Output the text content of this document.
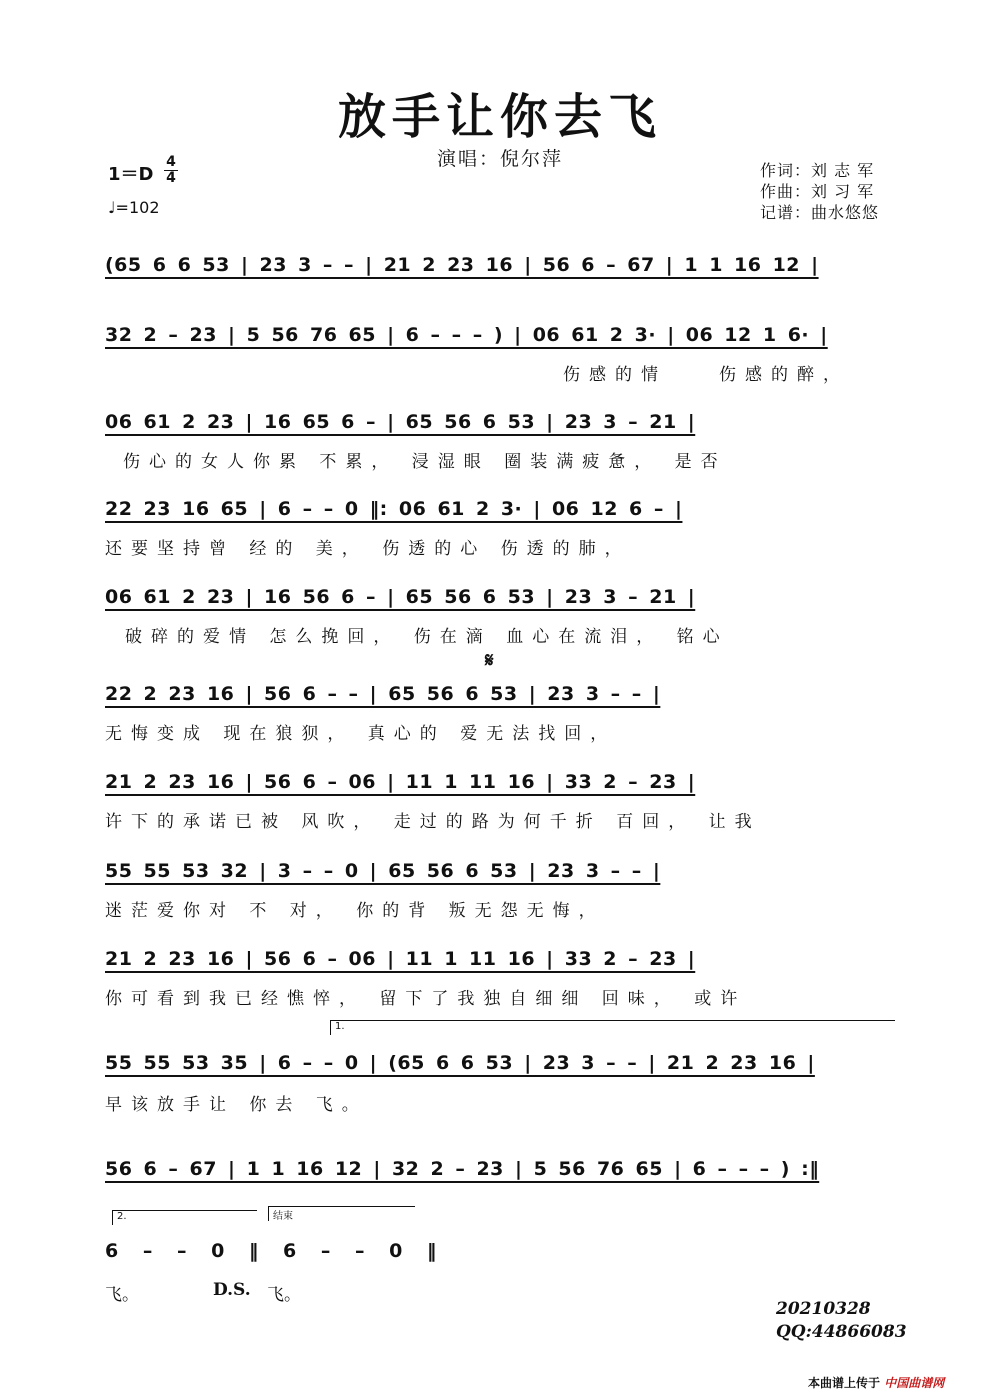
放手让你去飞
演唱：倪尔萍
1＝D
4
4
♩=102
作词：刘 志 军
作曲：刘 习 军
记谱：曲水悠悠
(65 6 6 53 | 23 3 – – | 21 2 23 16 | 56 6 – 67 | 1 1 16 12 |
32 2 – 23 | 5 56 76 65 | 6 – – – ) | 06 61 2 3· | 06 12 1 6· |
伤感的情　　伤感的醉，
06 61 2 23 | 16 65 6 – | 65 56 6 53 | 23 3 – 21 |
伤心的女人你累 不累， 浸湿眼 圈装满疲惫， 是否
22 23 16 65 | 6 – – 0 ‖: 06 61 2 3· | 06 12 6 – |
还要坚持曾 经的 美， 伤透的心 伤透的肺，
06 61 2 23 | 16 56 6 – | 65 56 6 53 | 23 3 – 21 |
破碎的爱情 怎么挽回， 伤在滴 血心在流泪， 铭心
𝄋
22 2 23 16 | 56 6 – – | 65 56 6 53 | 23 3 – – |
无悔变成 现在狼狈， 真心的 爱无法找回，
21 2 23 16 | 56 6 – 06 | 11 1 11 16 | 33 2 – 23 |
许下的承诺已被 风吹， 走过的路为何千折 百回， 让我
55 55 53 32 | 3 – – 0 | 65 56 6 53 | 23 3 – – |
迷茫爱你对 不 对， 你的背 叛无怨无悔，
21 2 23 16 | 56 6 – 06 | 11 1 11 16 | 33 2 – 23 |
你可看到我已经憔悴， 留下了我独自细细 回味， 或许
1.
55 55 53 35 | 6 – – 0 | (65 6 6 53 | 23 3 – – | 21 2 23 16 |
早该放手让 你去 飞。
56 6 – 67 | 1 1 16 12 | 32 2 – 23 | 5 56 76 65 | 6 – – – ) :‖
2.	结束
6 – – 0 ‖ 6 – – 0 ‖
飞。	D.S. 飞。
20210328
QQ:44866083
本曲谱上传于 中国曲谱网
